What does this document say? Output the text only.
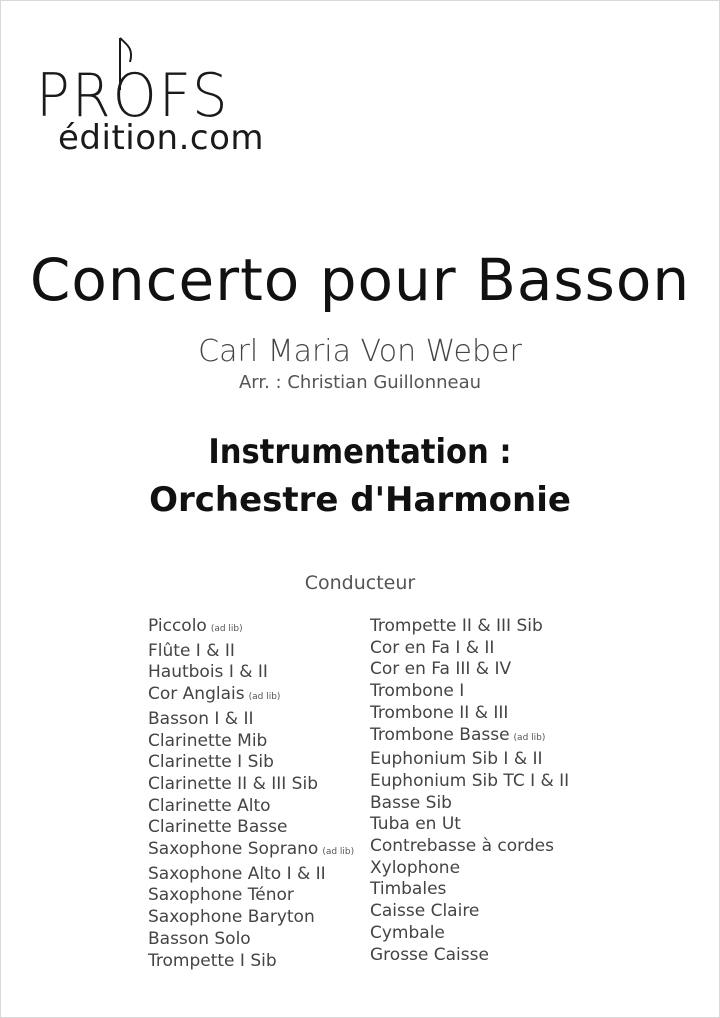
PROFS
édition.com
Concerto pour Basson
Carl Maria Von Weber
Arr. : Christian Guillonneau
Instrumentation :
Orchestre d'Harmonie
Conducteur
Piccolo (ad lib)
Flûte I & II
Hautbois I & II
Cor Anglais (ad lib)
Basson I & II
Clarinette Mib
Clarinette I Sib
Clarinette II & III Sib
Clarinette Alto
Clarinette Basse
Saxophone Soprano (ad lib)
Saxophone Alto I & II
Saxophone Ténor
Saxophone Baryton
Basson Solo
Trompette I Sib
Trompette II & III Sib
Cor en Fa I & II
Cor en Fa III & IV
Trombone I
Trombone II & III
Trombone Basse (ad lib)
Euphonium Sib I & II
Euphonium Sib TC I & II
Basse Sib
Tuba en Ut
Contrebasse à cordes
Xylophone
Timbales
Caisse Claire
Cymbale
Grosse Caisse
